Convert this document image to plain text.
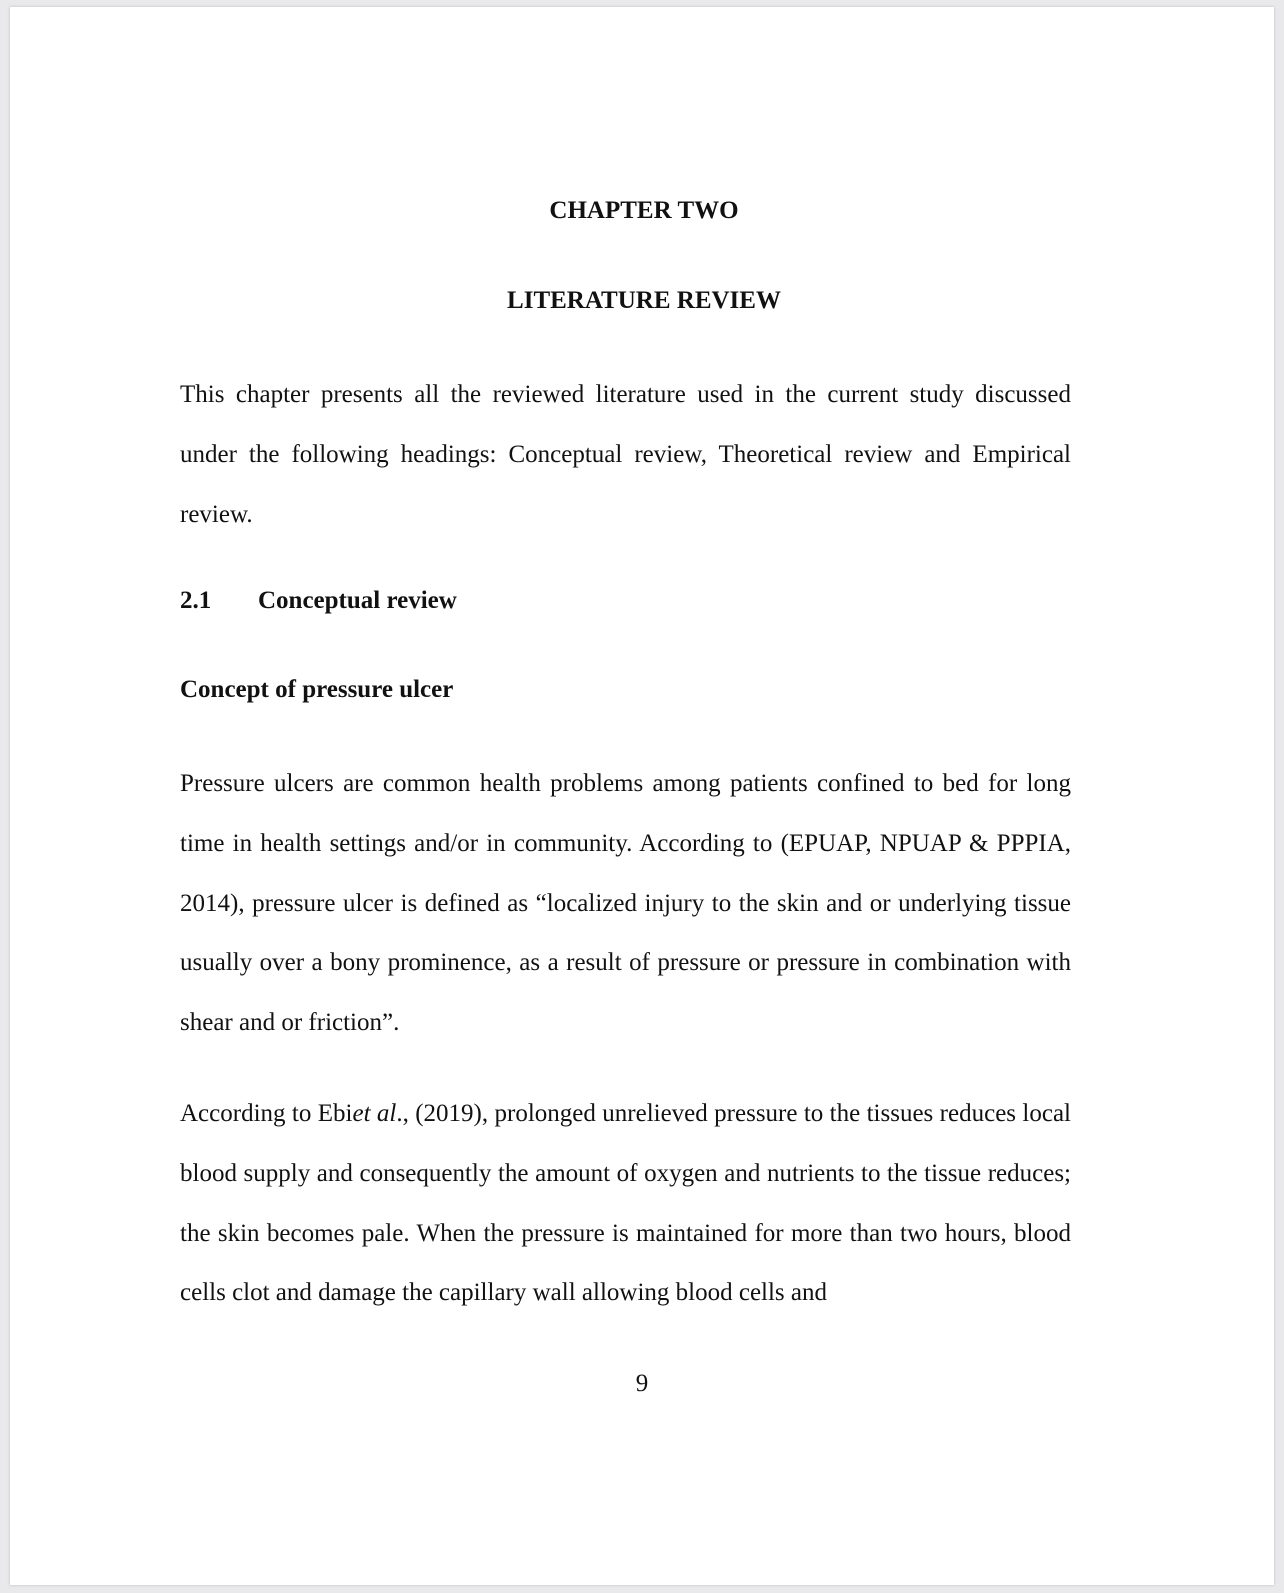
CHAPTER TWO
LITERATURE REVIEW

This chapter presents all the reviewed literature used in the current study discussed under the following headings: Conceptual review, Theoretical review and Empirical review.

2.1 Conceptual review
Concept of pressure ulcer

Pressure ulcers are common health problems among patients confined to bed for long time in health settings and/or in community. According to (EPUAP, NPUAP & PPPIA, 2014), pressure ulcer is defined as “localized injury to the skin and or underlying tissue usually over a bony prominence, as a result of pressure or pressure in combination with shear and or friction”.

According to Ebiet al., (2019), prolonged unrelieved pressure to the tissues reduces local blood supply and consequently the amount of oxygen and nutrients to the tissue reduces; the skin becomes pale. When the pressure is maintained for more than two hours, blood cells clot and damage the capillary wall allowing blood cells and

9
